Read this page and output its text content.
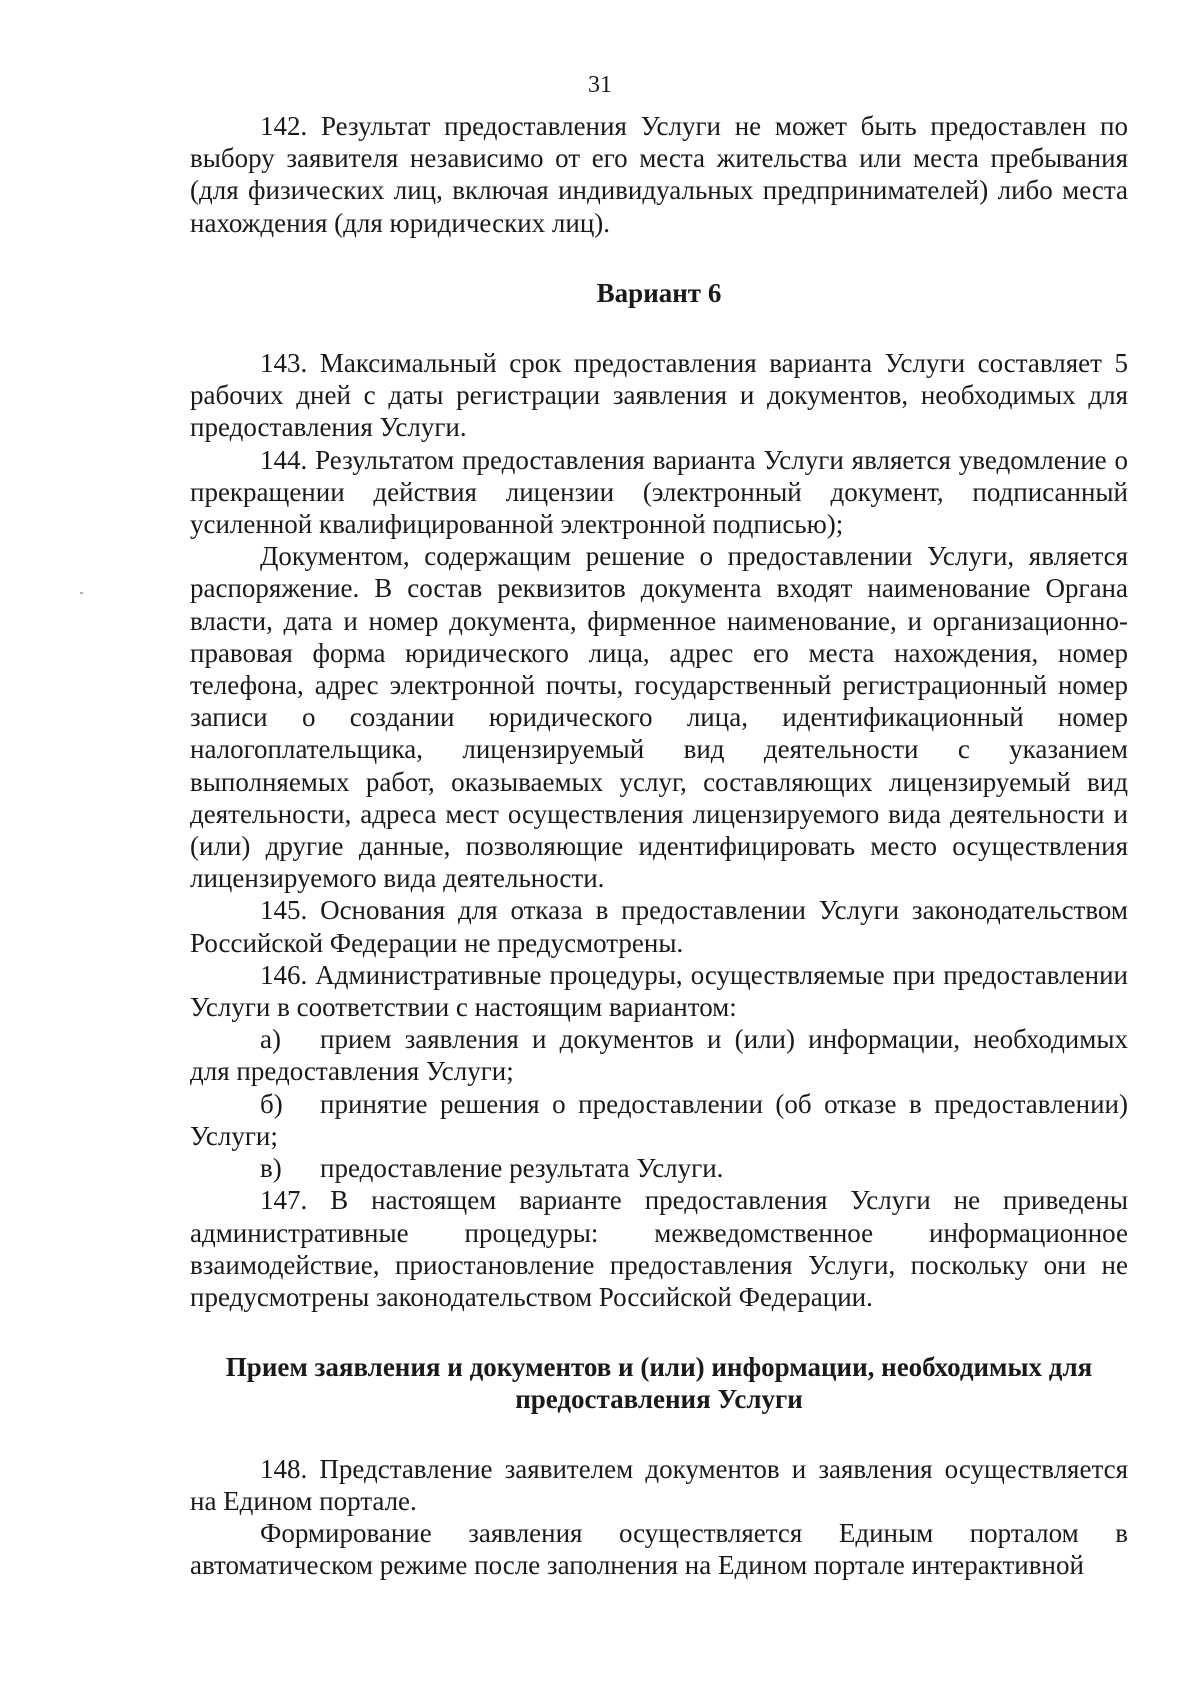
31

142. Результат предоставления Услуги не может быть предоставлен по выбору заявителя независимо от его места жительства или места пребывания (для физических лиц, включая индивидуальных предпринимателей) либо места нахождения (для юридических лиц).

Вариант 6

143. Максимальный срок предоставления варианта Услуги составляет 5 рабочих дней с даты регистрации заявления и документов, необходимых для предоставления Услуги.

144. Результатом предоставления варианта Услуги является уведомление о прекращении действия лицензии (электронный документ, подписанный усиленной квалифицированной электронной подписью);

Документом, содержащим решение о предоставлении Услуги, является распоряжение. В состав реквизитов документа входят наименование Органа власти, дата и номер документа, фирменное наименование, и организационно-правовая форма юридического лица, адрес его места нахождения, номер телефона, адрес электронной почты, государственный регистрационный номер записи о создании юридического лица, идентификационный номер налогоплательщика, лицензируемый вид деятельности с указанием выполняемых работ, оказываемых услуг, составляющих лицензируемый вид деятельности, адреса мест осуществления лицензируемого вида деятельности и (или) другие данные, позволяющие идентифицировать место осуществления лицензируемого вида деятельности.

145. Основания для отказа в предоставлении Услуги законодательством Российской Федерации не предусмотрены.

146. Административные процедуры, осуществляемые при предоставлении Услуги в соответствии с настоящим вариантом:

а) прием заявления и документов и (или) информации, необходимых для предоставления Услуги;

б) принятие решения о предоставлении (об отказе в предоставлении) Услуги;

в) предоставление результата Услуги.

147. В настоящем варианте предоставления Услуги не приведены административные процедуры: межведомственное информационное взаимодействие, приостановление предоставления Услуги, поскольку они не предусмотрены законодательством Российской Федерации.

Прием заявления и документов и (или) информации, необходимых для предоставления Услуги

148. Представление заявителем документов и заявления осуществляется на Едином портале.

Формирование заявления осуществляется Единым порталом в автоматическом режиме после заполнения на Едином портале интерактивной
